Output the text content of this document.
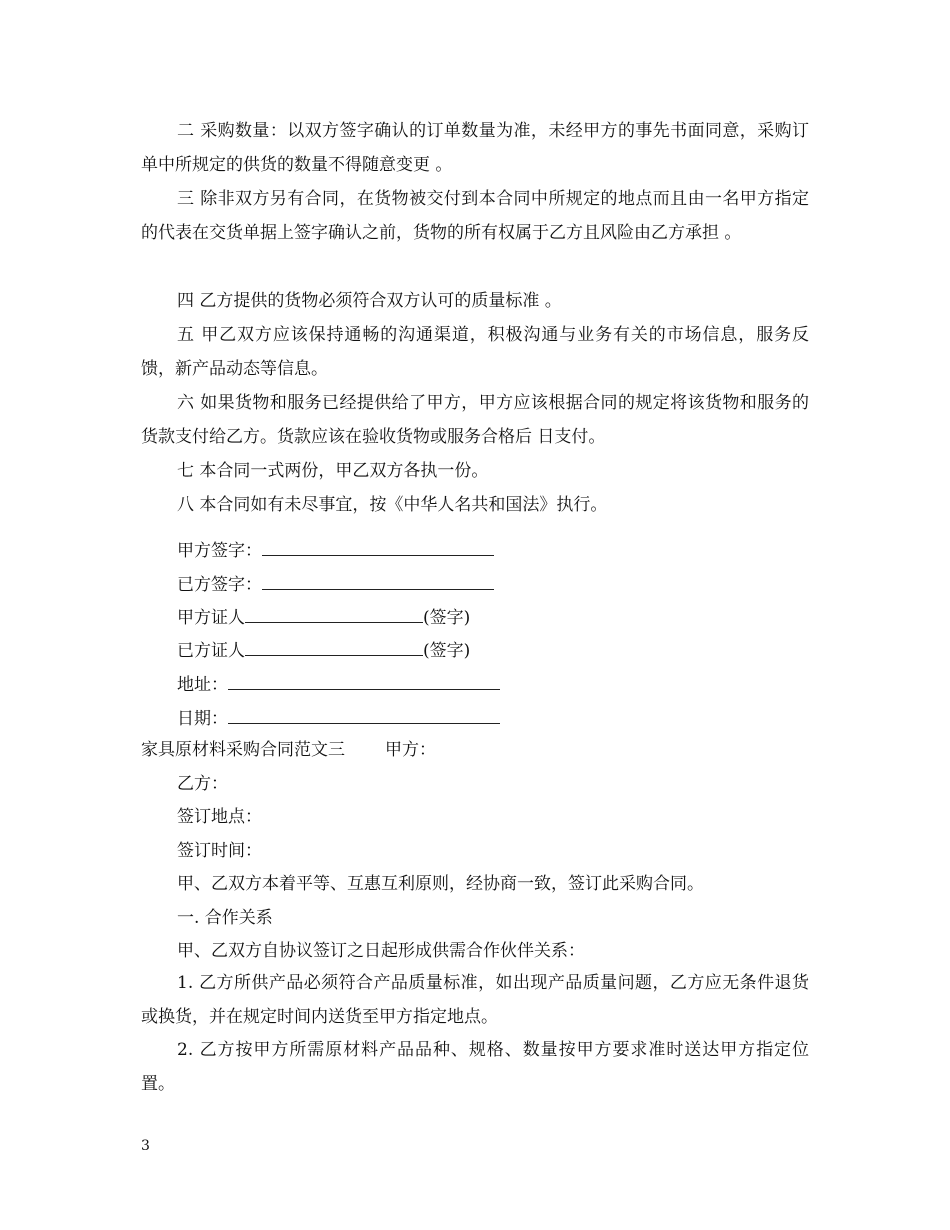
二 采购数量：以双方签字确认的订单数量为准，未经甲方的事先书面同意，采购订单中所规定的供货的数量不得随意变更 。

三 除非双方另有合同，在货物被交付到本合同中所规定的地点而且由一名甲方指定的代表在交货单据上签字确认之前，货物的所有权属于乙方且风险由乙方承担 。

四 乙方提供的货物必须符合双方认可的质量标准 。

五 甲乙双方应该保持通畅的沟通渠道，积极沟通与业务有关的市场信息，服务反馈，新产品动态等信息。

六 如果货物和服务已经提供给了甲方，甲方应该根据合同的规定将该货物和服务的货款支付给乙方。货款应该在验收货物或服务合格后 日支付。

七 本合同一式两份，甲乙双方各执一份。

八 本合同如有未尽事宜，按《中华人名共和国法》执行。

甲方签字：
已方签字：
甲方证人	(签字)
已方证人	(签字)
地址：
日期：
家具原材料采购合同范文三 甲方：
乙方：
签订地点：
签订时间：
甲、乙双方本着平等、互惠互利原则，经协商一致，签订此采购合同。
一. 合作关系
甲、乙双方自协议签订之日起形成供需合作伙伴关系：

1. 乙方所供产品必须符合产品质量标准，如出现产品质量问题，乙方应无条件退货或换货，并在规定时间内送货至甲方指定地点。

2. 乙方按甲方所需原材料产品品种、规格、数量按甲方要求准时送达甲方指定位置。

3
